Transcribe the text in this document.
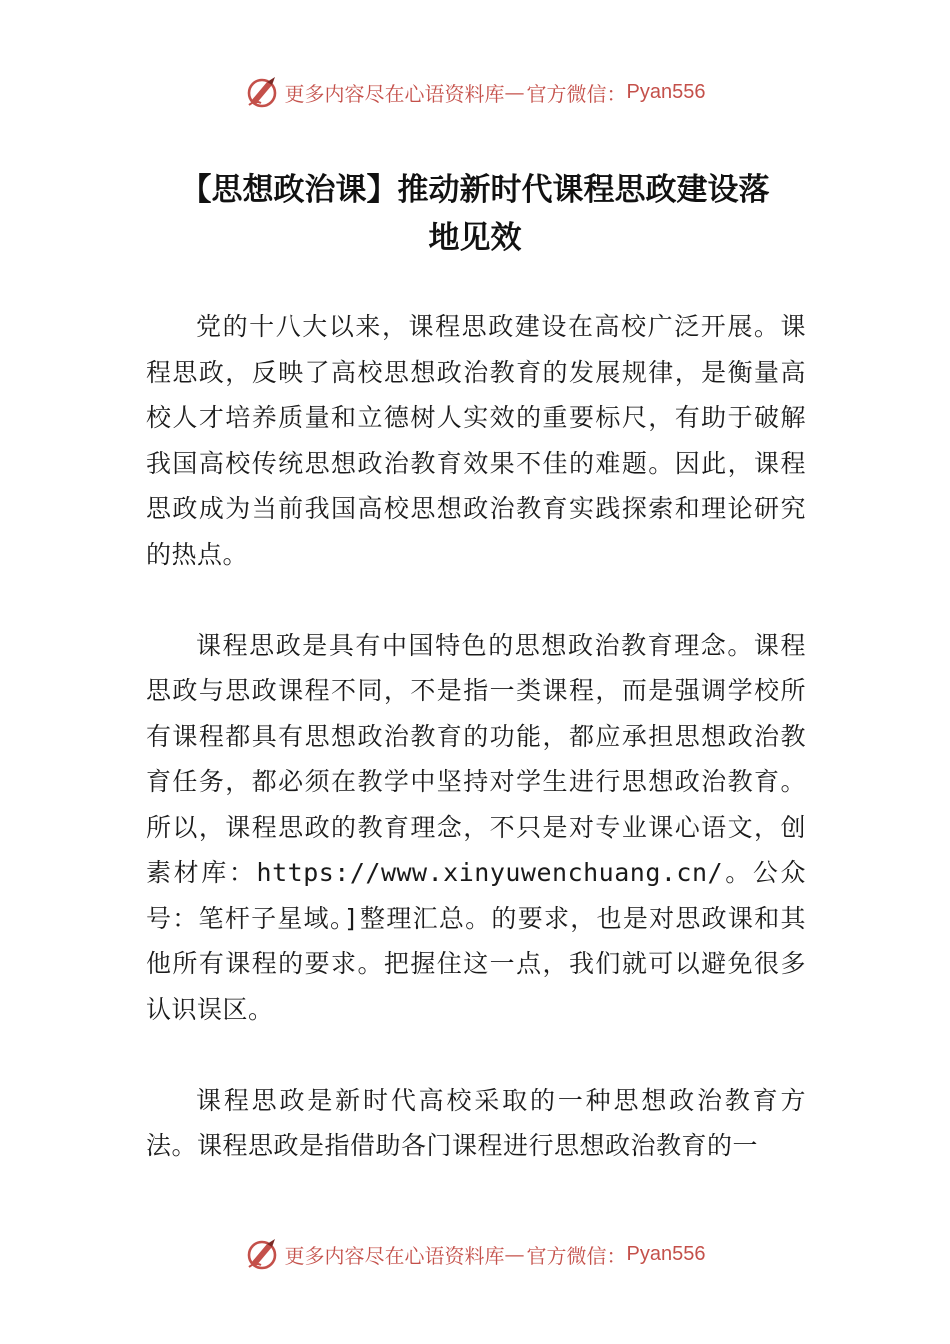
更多内容尽在心语资料库 — 官方微信： Pyan556
【思想政治课】推动新时代课程思政建设落
地见效

党的十八大以来，课程思政建设在高校广泛开展。课程思政，反映了高校思想政治教育的发展规律，是衡量高校人才培养质量和立德树人实效的重要标尺，有助于破解我国高校传统思想政治教育效果不佳的难题。因此，课程思政成为当前我国高校思想政治教育实践探索和理论研究的热点。

课程思政是具有中国特色的思想政治教育理念。课程思政与思政课程不同，不是指一类课程，而是强调学校所有课程都具有思想政治教育的功能，都应承担思想政治教育任务，都必须在教学中坚持对学生进行思想政治教育。所以，课程思政的教育理念，不只是对专业课心语文，创素材库：https://www.xinyuwenchuang.cn/。公众号：笔杆子星域。]整理汇总。的要求，也是对思政课和其他所有课程的要求。把握住这一点，我们就可以避免很多认识误区。

课程思政是新时代高校采取的一种思想政治教育方法。课程思政是指借助各门课程进行思想政治教育的一

更多内容尽在心语资料库 — 官方微信： Pyan556
